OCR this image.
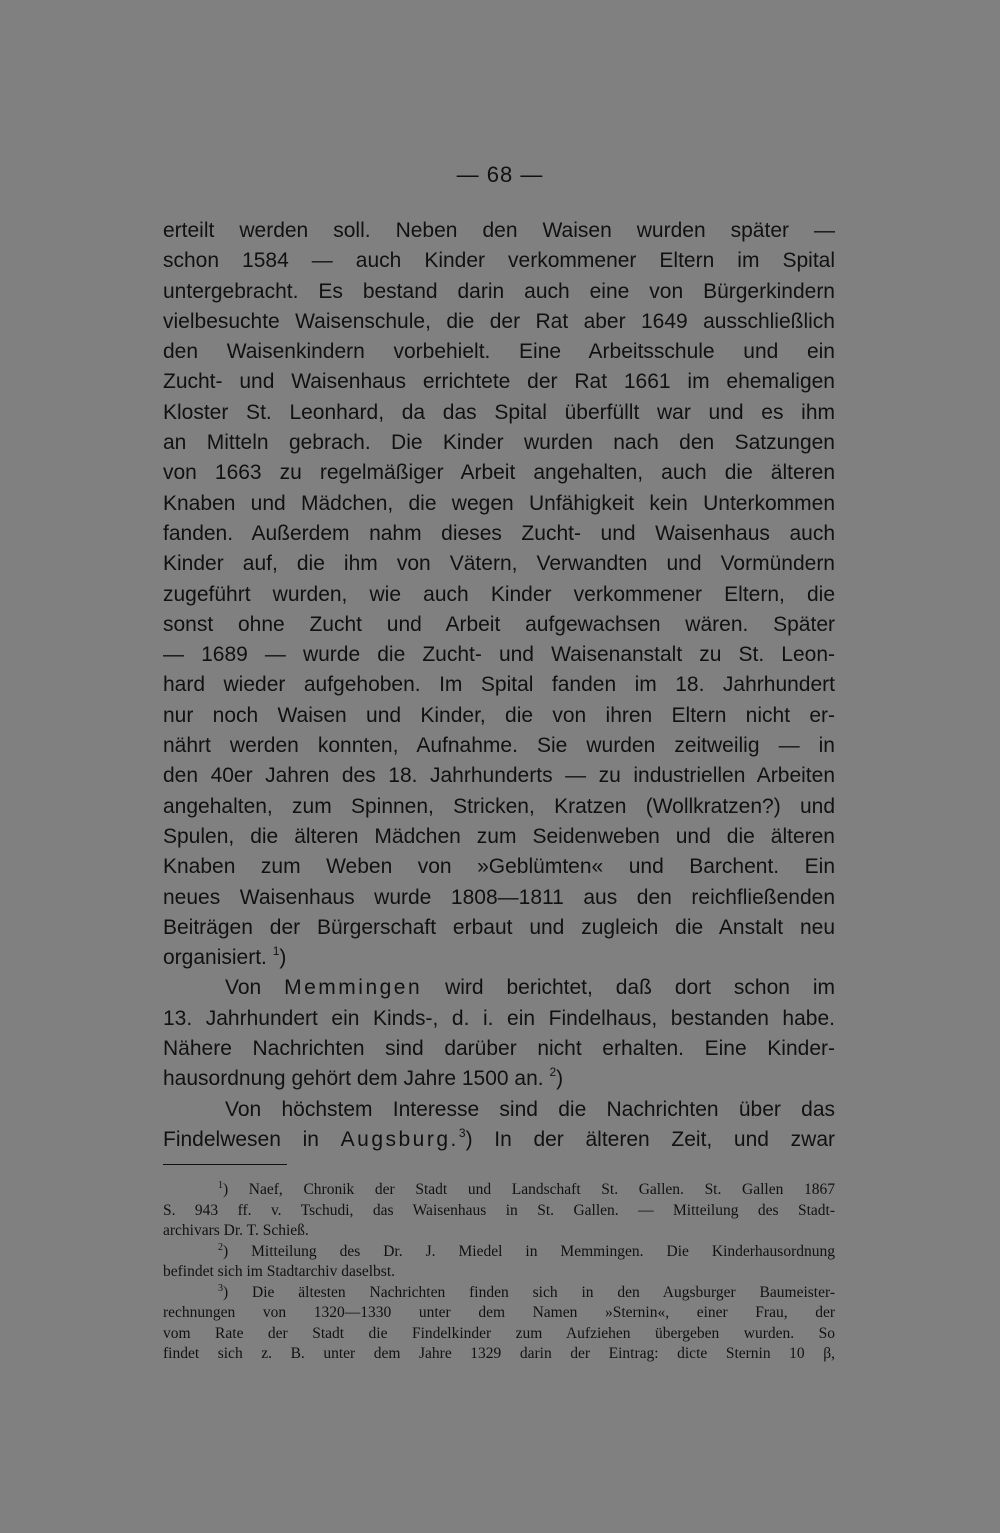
— 68 —
erteilt werden soll. Neben den Waisen wurden später —
schon 1584 — auch Kinder verkommener Eltern im Spital
untergebracht. Es bestand darin auch eine von Bürgerkindern
vielbesuchte Waisenschule, die der Rat aber 1649 ausschließlich
den Waisenkindern vorbehielt. Eine Arbeitsschule und ein
Zucht- und Waisenhaus errichtete der Rat 1661 im ehemaligen
Kloster St. Leonhard, da das Spital überfüllt war und es ihm
an Mitteln gebrach. Die Kinder wurden nach den Satzungen
von 1663 zu regelmäßiger Arbeit angehalten, auch die älteren
Knaben und Mädchen, die wegen Unfähigkeit kein Unterkommen
fanden. Außerdem nahm dieses Zucht- und Waisenhaus auch
Kinder auf, die ihm von Vätern, Verwandten und Vormündern
zugeführt wurden, wie auch Kinder verkommener Eltern, die
sonst ohne Zucht und Arbeit aufgewachsen wären. Später
— 1689 — wurde die Zucht- und Waisenanstalt zu St. Leon-
hard wieder aufgehoben. Im Spital fanden im 18. Jahrhundert
nur noch Waisen und Kinder, die von ihren Eltern nicht er-
nährt werden konnten, Aufnahme. Sie wurden zeitweilig — in
den 40er Jahren des 18. Jahrhunderts — zu industriellen Arbeiten
angehalten, zum Spinnen, Stricken, Kratzen (Wollkratzen?) und
Spulen, die älteren Mädchen zum Seidenweben und die älteren
Knaben zum Weben von »Geblümten« und Barchent. Ein
neues Waisenhaus wurde 1808—1811 aus den reichfließenden
Beiträgen der Bürgerschaft erbaut und zugleich die Anstalt neu
organisiert. $^1$)
Von Memmingen wird berichtet, daß dort schon im
13. Jahrhundert ein Kinds-, d. i. ein Findelhaus, bestanden habe.
Nähere Nachrichten sind darüber nicht erhalten. Eine Kinder-
hausordnung gehört dem Jahre 1500 an. $^2$)
Von höchstem Interesse sind die Nachrichten über das
Findelwesen in Augsburg.$^3$) In der älteren Zeit, und zwar
$^1$) Naef, Chronik der Stadt und Landschaft St. Gallen. St. Gallen 1867
S. 943 ff. v. Tschudi, das Waisenhaus in St. Gallen. — Mitteilung des Stadt-
archivars Dr. T. Schieß.
$^2$) Mitteilung des Dr. J. Miedel in Memmingen. Die Kinderhausordnung
befindet sich im Stadtarchiv daselbst.
$^3$) Die ältesten Nachrichten finden sich in den Augsburger Baumeister-
rechnungen von 1320—1330 unter dem Namen »Sternin«, einer Frau, der
vom Rate der Stadt die Findelkinder zum Aufziehen übergeben wurden. So
findet sich z. B. unter dem Jahre 1329 darin der Eintrag: dicte Sternin 10 β,
